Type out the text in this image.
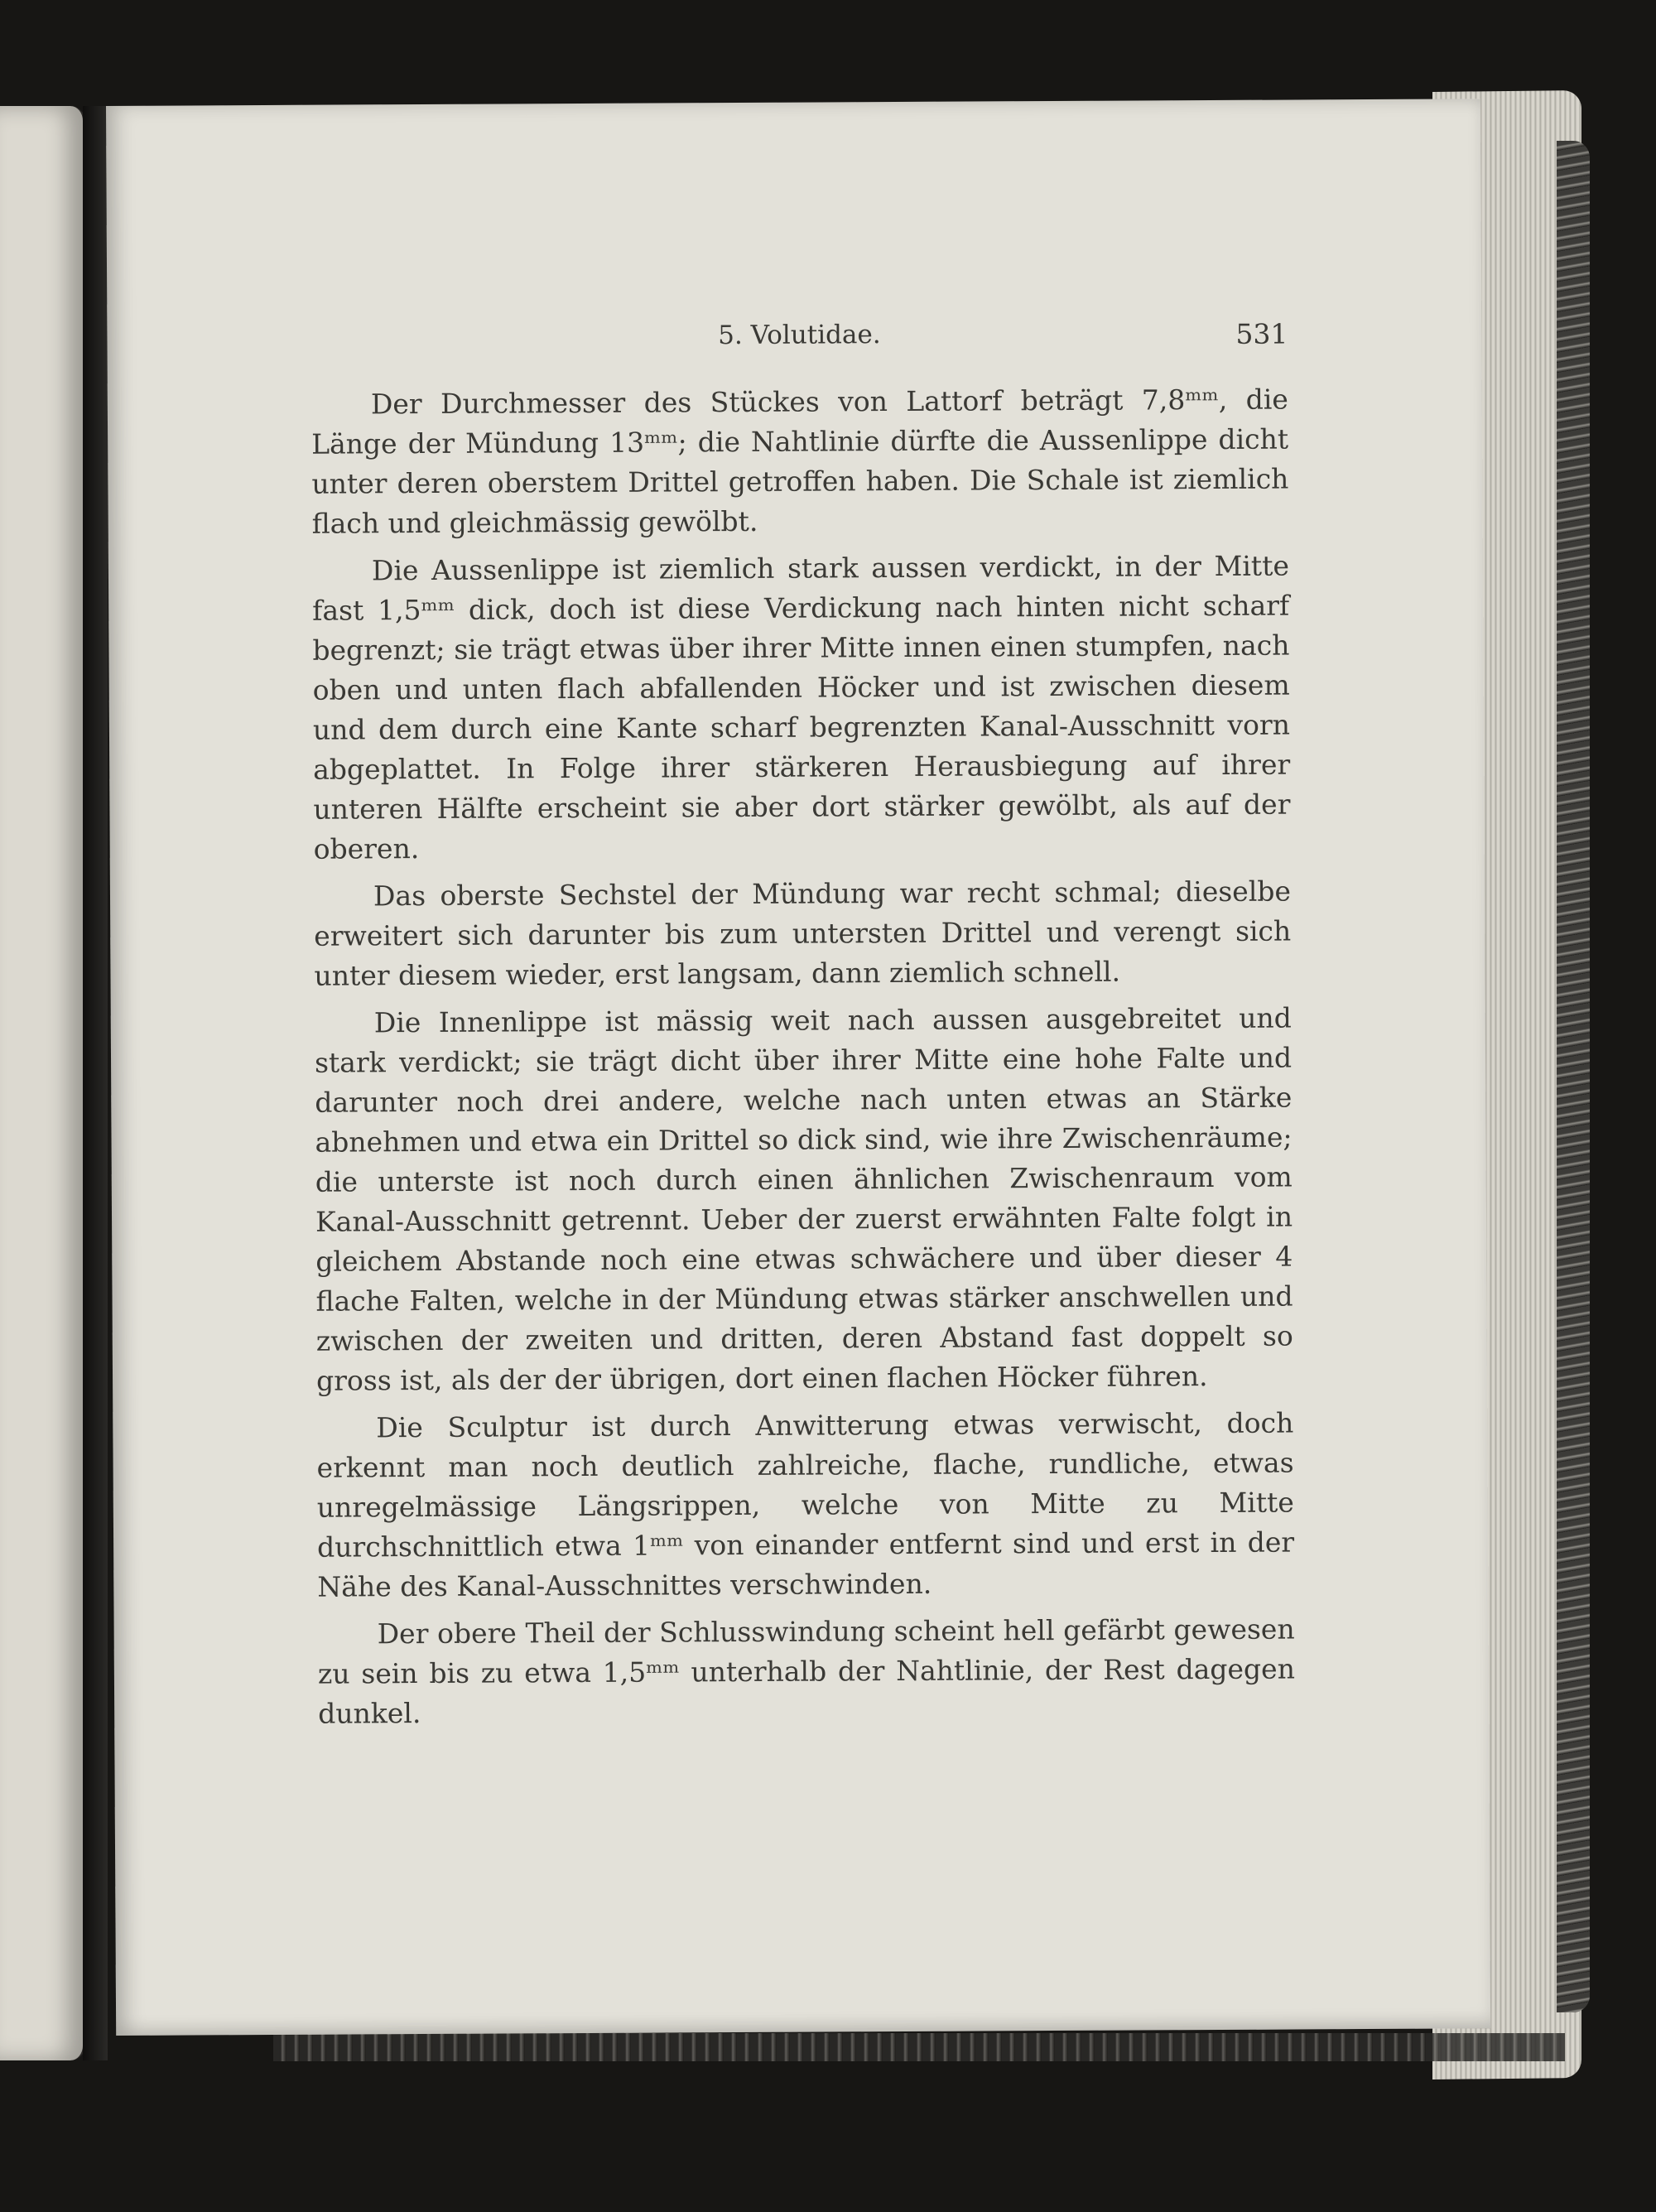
5. Volutidae.	531

Der Durchmesser des Stückes von Lattorf beträgt 7,8ᵐᵐ, die Länge der Mündung 13ᵐᵐ; die Nahtlinie dürfte die Aussenlippe dicht unter deren oberstem Drittel getroffen haben. Die Schale ist ziemlich flach und gleichmässig gewölbt.

Die Aussenlippe ist ziemlich stark aussen verdickt, in der Mitte fast 1,5ᵐᵐ dick, doch ist diese Verdickung nach hinten nicht scharf begrenzt; sie trägt etwas über ihrer Mitte innen einen stumpfen, nach oben und unten flach abfallenden Höcker und ist zwischen diesem und dem durch eine Kante scharf begrenzten Kanal-Ausschnitt vorn abgeplattet. In Folge ihrer stärkeren Herausbiegung auf ihrer unteren Hälfte erscheint sie aber dort stärker gewölbt, als auf der oberen.

Das oberste Sechstel der Mündung war recht schmal; dieselbe erweitert sich darunter bis zum untersten Drittel und verengt sich unter diesem wieder, erst langsam, dann ziemlich schnell.

Die Innenlippe ist mässig weit nach aussen ausgebreitet und stark verdickt; sie trägt dicht über ihrer Mitte eine hohe Falte und darunter noch drei andere, welche nach unten etwas an Stärke abnehmen und etwa ein Drittel so dick sind, wie ihre Zwischenräume; die unterste ist noch durch einen ähnlichen Zwischenraum vom Kanal-Ausschnitt getrennt. Ueber der zuerst erwähnten Falte folgt in gleichem Abstande noch eine etwas schwächere und über dieser 4 flache Falten, welche in der Mündung etwas stärker anschwellen und zwischen der zweiten und dritten, deren Abstand fast doppelt so gross ist, als der der übrigen, dort einen flachen Höcker führen.

Die Sculptur ist durch Anwitterung etwas verwischt, doch erkennt man noch deutlich zahlreiche, flache, rundliche, etwas unregelmässige Längsrippen, welche von Mitte zu Mitte durchschnittlich etwa 1ᵐᵐ von einander entfernt sind und erst in der Nähe des Kanal-Ausschnittes verschwinden.

Der obere Theil der Schlusswindung scheint hell gefärbt gewesen zu sein bis zu etwa 1,5ᵐᵐ unterhalb der Nahtlinie, der Rest dagegen dunkel.
